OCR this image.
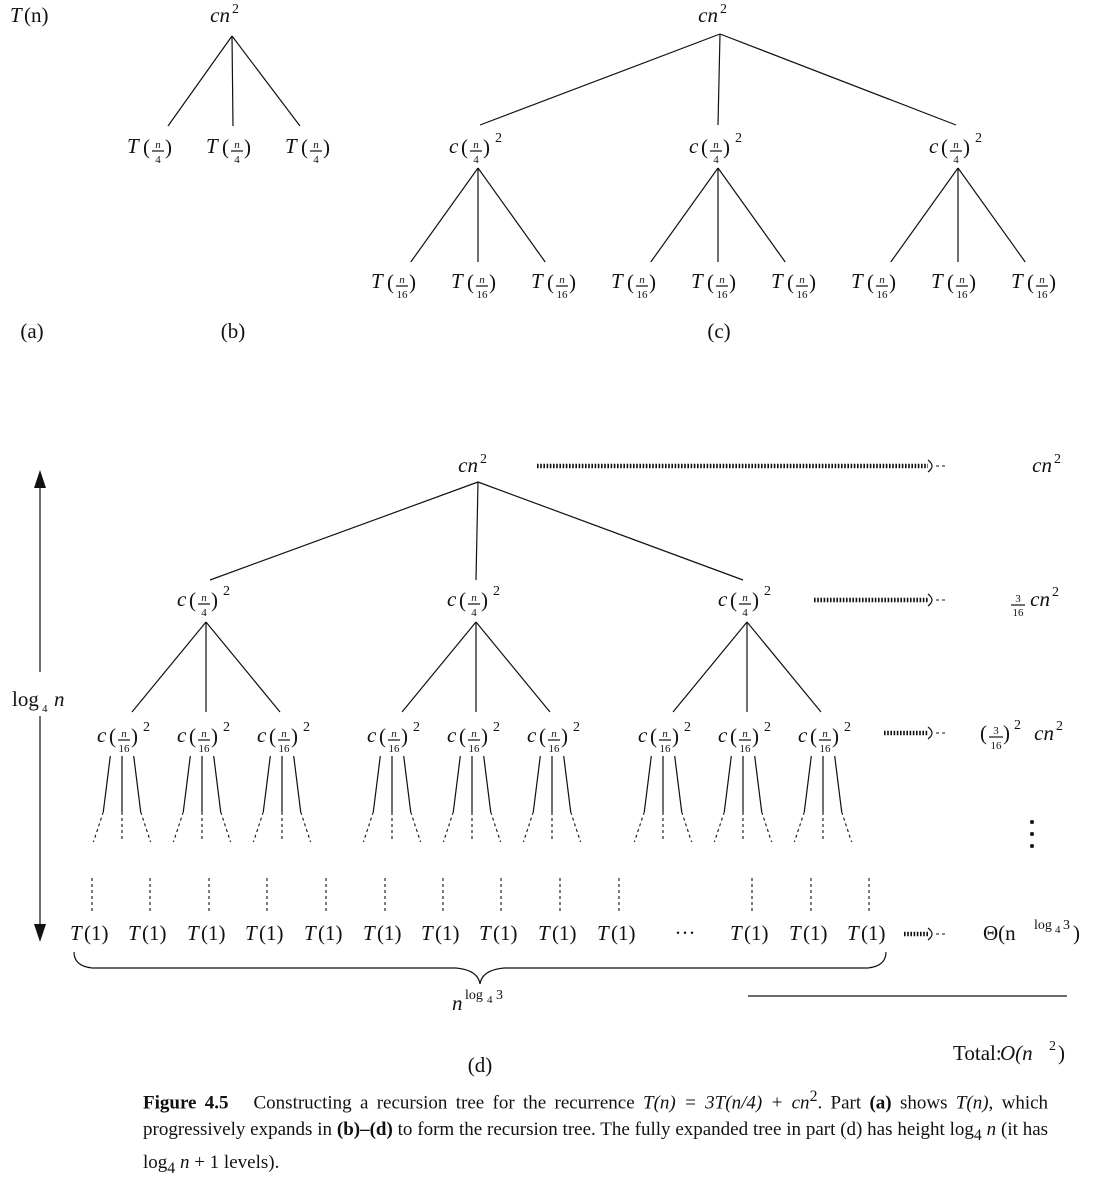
T (n)	cn 2
T ( n
4
) T ( n
4
) T ( n
4
)
cn 2
c ( n
4
) 2
T ( n
16
) T ( n
16
) T ( n
16
)
c ( n
4
) 2
T ( n
16
) T ( n
16
) T ( n
16
)
c ( n
4
) 2
T ( n
16
) T ( n
16
) T ( n
16
)
(a)	(b)	(c)
cn 2
c ( n
4
) 2
c ( n
16
) 2 c ( n
16
) 2 c ( n
16
) 2
c ( n
4
) 2
c ( n
16
) 2 c ( n
16
) 2 c ( n
16
) 2
c ( n
4
) 2
c ( n
16
) 2 c ( n
16
) 2 c ( n
16
) 2
T (1) T (1) T (1) T (1) T (1) T (1) T (1) T (1) T (1) T (1)	T (1) T (1) T (1)
···
n log 4 3
(d)
log 4 n
cn 2
3
16
cn 2
( 3
16
) 2 cn 2
Θ(n log 4 3 )
Total:
O(n 2 )
Figure 4.5 Constructing a recursion tree for the recurrence $T(n) = 3T(n/4) + cn^2$. Part (a) shows T(n), which progressively expands in (b)–(d) to form the recursion tree. The fully expanded tree in part (d) has height $\log_4 n$ (it has $\log_4 n + 1$ levels).
